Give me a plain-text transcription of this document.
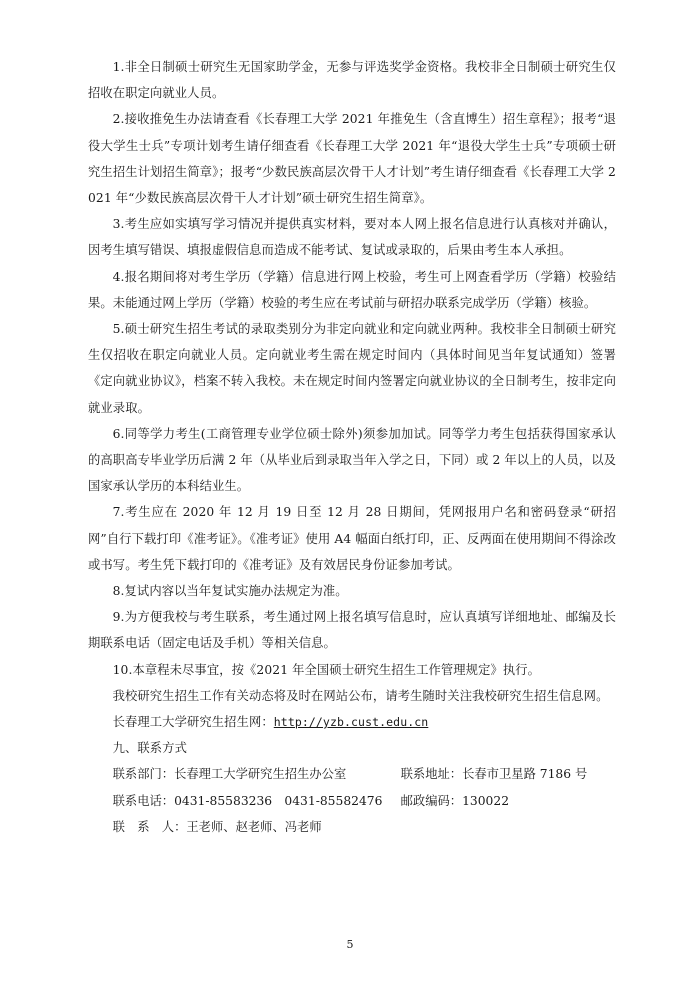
1.非全日制硕士研究生无国家助学金，无参与评选奖学金资格。我校非全日制硕士研究生仅招收在职定向就业人员。

2.接收推免生办法请查看《长春理工大学 2021 年推免生（含直博生）招生章程》；报考“退役大学生士兵”专项计划考生请仔细查看《长春理工大学 2021 年“退役大学生士兵”专项硕士研究生招生计划招生简章》；报考“少数民族高层次骨干人才计划”考生请仔细查看《长春理工大学 2021 年“少数民族高层次骨干人才计划”硕士研究生招生简章》。

3.考生应如实填写学习情况并提供真实材料，要对本人网上报名信息进行认真核对并确认，因考生填写错误、填报虚假信息而造成不能考试、复试或录取的，后果由考生本人承担。

4.报名期间将对考生学历（学籍）信息进行网上校验，考生可上网查看学历（学籍）校验结果。未能通过网上学历（学籍）校验的考生应在考试前与研招办联系完成学历（学籍）核验。

5.硕士研究生招生考试的录取类别分为非定向就业和定向就业两种。我校非全日制硕士研究生仅招收在职定向就业人员。定向就业考生需在规定时间内（具体时间见当年复试通知）签署《定向就业协议》，档案不转入我校。未在规定时间内签署定向就业协议的全日制考生，按非定向就业录取。

6.同等学力考生(工商管理专业学位硕士除外)须参加加试。同等学力考生包括获得国家承认的高职高专毕业学历后满 2 年（从毕业后到录取当年入学之日，下同）或 2 年以上的人员，以及国家承认学历的本科结业生。

7.考生应在 2020 年 12 月 19 日至 12 月 28 日期间，凭网报用户名和密码登录“研招网”自行下载打印《准考证》。《准考证》使用 A4 幅面白纸打印，正、反两面在使用期间不得涂改或书写。考生凭下载打印的《准考证》及有效居民身份证参加考试。

8.复试内容以当年复试实施办法规定为准。

9.为方便我校与考生联系，考生通过网上报名填写信息时，应认真填写详细地址、邮编及长期联系电话（固定电话及手机）等相关信息。

10.本章程未尽事宜，按《2021 年全国硕士研究生招生工作管理规定》执行。

我校研究生招生工作有关动态将及时在网站公布，请考生随时关注我校研究生招生信息网。

长春理工大学研究生招生网：http://yzb.cust.edu.cn

九、联系方式

联系部门：长春理工大学研究生招生办公室	联系地址：长春市卫星路 7186 号
联系电话：0431-85583236　0431-85582476	邮政编码：130022
联　系　人：王老师、赵老师、冯老师
5
